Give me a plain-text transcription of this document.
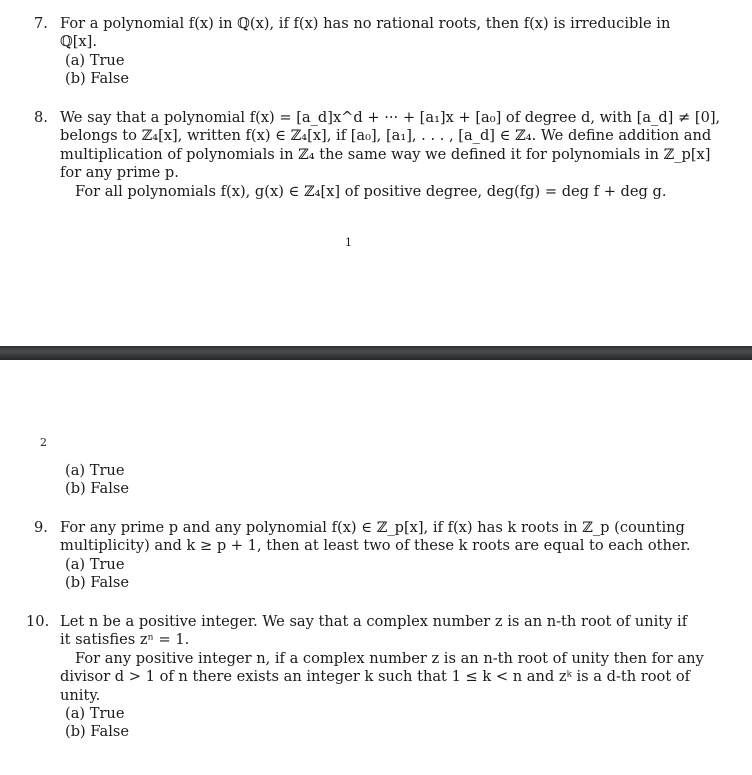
7. For a polynomial f(x) in ℚ(x), if f(x) has no rational roots, then f(x) is irreducible in
ℚ[x].
(a) True
(b) False
8. We say that a polynomial f(x) = [a_d]x^d + ··· + [a₁]x + [a₀] of degree d, with [a_d] ≠ [0],
belongs to ℤ₄[x], written f(x) ∈ ℤ₄[x], if [a₀], [a₁], . . . , [a_d] ∈ ℤ₄. We define addition and
multiplication of polynomials in ℤ₄ the same way we defined it for polynomials in ℤ_p[x]
for any prime p.
For all polynomials f(x), g(x) ∈ ℤ₄[x] of positive degree, deg(fg) = deg f + deg g.
1
2
(a) True
(b) False
9. For any prime p and any polynomial f(x) ∈ ℤ_p[x], if f(x) has k roots in ℤ_p (counting
multiplicity) and k ≥ p + 1, then at least two of these k roots are equal to each other.
(a) True
(b) False
10. Let n be a positive integer. We say that a complex number z is an n-th root of unity if
it satisfies zⁿ = 1.
For any positive integer n, if a complex number z is an n-th root of unity then for any
divisor d > 1 of n there exists an integer k such that 1 ≤ k < n and zᵏ is a d-th root of
unity.
(a) True
(b) False
